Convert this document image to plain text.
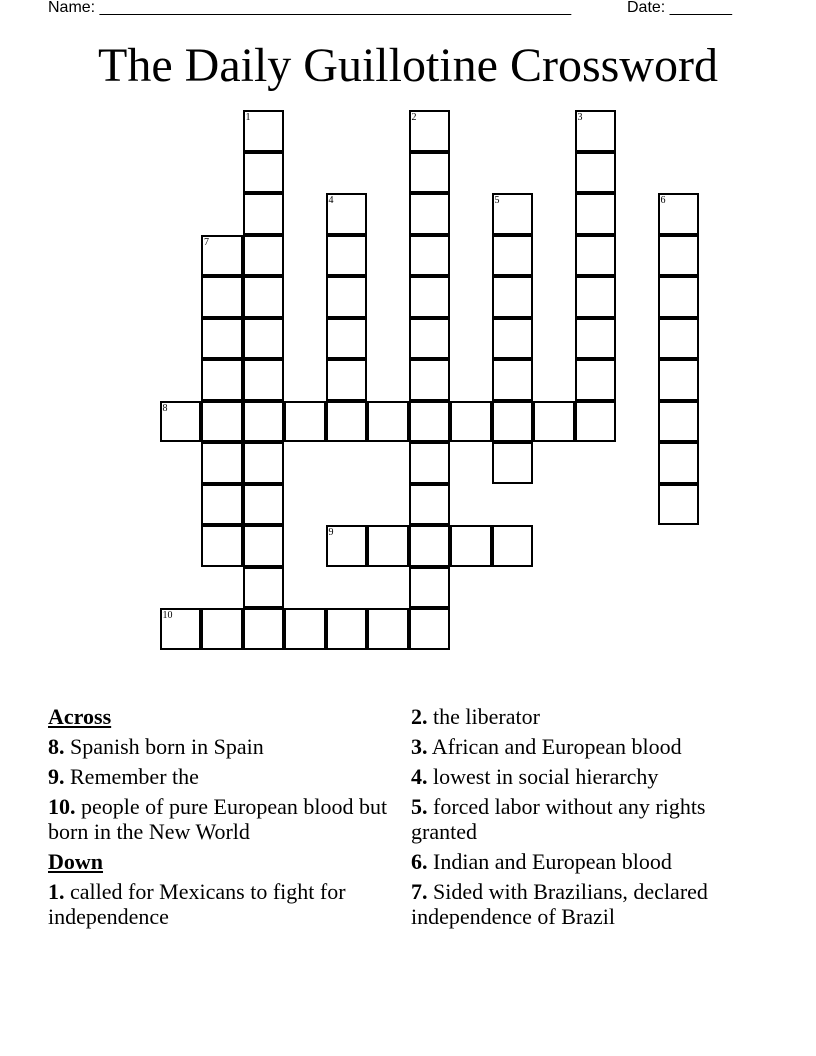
Name: _____________________________________________________	Date: _______
The Daily Guillotine Crossword
1	2	3
4	5	6
7
8
9
10
Across
8. Spanish born in Spain
9. Remember the
10. people of pure European blood but born in the New World
Down
1. called for Mexicans to fight for independence
2. the liberator
3. African and European blood
4. lowest in social hierarchy
5. forced labor without any rights granted
6. Indian and European blood
7. Sided with Brazilians, declared independence of Brazil
